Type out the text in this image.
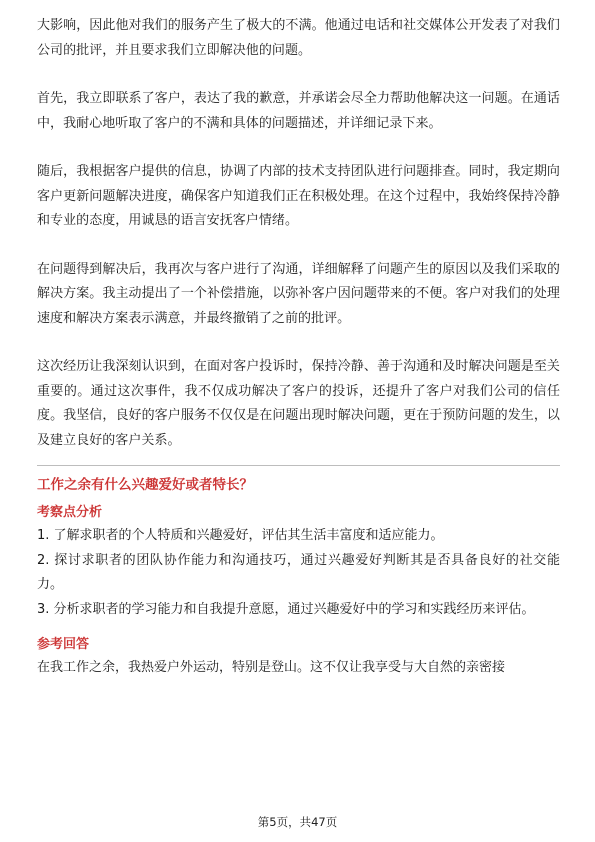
大影响，因此他对我们的服务产生了极大的不满。他通过电话和社交媒体公开发表了对我们公司的批评，并且要求我们立即解决他的问题。

首先，我立即联系了客户，表达了我的歉意，并承诺会尽全力帮助他解决这一问题。在通话中，我耐心地听取了客户的不满和具体的问题描述，并详细记录下来。

随后，我根据客户提供的信息，协调了内部的技术支持团队进行问题排查。同时，我定期向客户更新问题解决进度，确保客户知道我们正在积极处理。在这个过程中，我始终保持冷静和专业的态度，用诚恳的语言安抚客户情绪。

在问题得到解决后，我再次与客户进行了沟通，详细解释了问题产生的原因以及我们采取的解决方案。我主动提出了一个补偿措施，以弥补客户因问题带来的不便。客户对我们的处理速度和解决方案表示满意，并最终撤销了之前的批评。

这次经历让我深刻认识到，在面对客户投诉时，保持冷静、善于沟通和及时解决问题是至关重要的。通过这次事件，我不仅成功解决了客户的投诉，还提升了客户对我们公司的信任度。我坚信，良好的客户服务不仅仅是在问题出现时解决问题，更在于预防问题的发生，以及建立良好的客户关系。

工作之余有什么兴趣爱好或者特长？

考察点分析

1. 了解求职者的个人特质和兴趣爱好，评估其生活丰富度和适应能力。

2. 探讨求职者的团队协作能力和沟通技巧，通过兴趣爱好判断其是否具备良好的社交能力。

3. 分析求职者的学习能力和自我提升意愿，通过兴趣爱好中的学习和实践经历来评估。

参考回答

在我工作之余，我热爱户外运动，特别是登山。这不仅让我享受与大自然的亲密接

第5页，共47页
